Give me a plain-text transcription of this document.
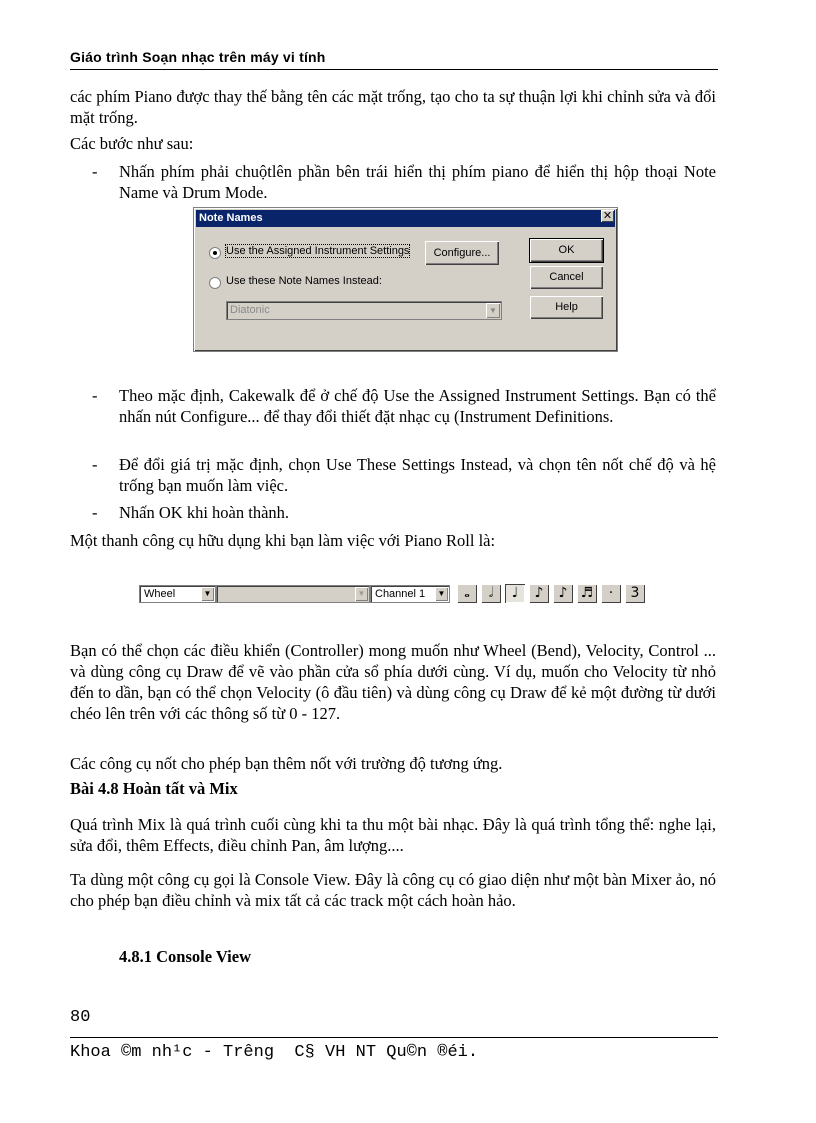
Giáo trình Soạn nhạc trên máy vi tính
các phím Piano được thay thế bằng tên các mặt trống, tạo cho ta sự thuận lợi khi chỉnh sửa và đổi mặt trống.
Các bước như sau:
- Nhấn phím phải chuộtlên phần bên trái hiển thị phím piano để hiển thị hộp thoại Note Name và Drum Mode.
Note Names	✕
Use the Assigned Instrument Settings	Configure...
Use these Note Names Instead:
Diatonic	▼
OK
Cancel
Help
- Theo mặc định, Cakewalk để ở chế độ Use the Assigned Instrument Settings. Bạn có thể nhấn nút Configure... để thay đổi thiết đặt nhạc cụ (Instrument Definitions.
- Để đổi giá trị mặc định, chọn Use These Settings Instead, và chọn tên nốt chế độ và hệ trống bạn muốn làm việc.
- Nhấn OK khi hoàn thành.
Một thanh công cụ hữu dụng khi bạn làm việc với Piano Roll là:
Wheel	▼	▼ Channel 1	▼	𝅝	𝅗𝅥	♩	♪	♪ ♬	·	3
Bạn có thể chọn các điều khiển (Controller) mong muốn như Wheel (Bend), Velocity, Control ... và dùng công cụ Draw để vẽ vào phần cửa sổ phía dưới cùng. Ví dụ, muốn cho Velocity từ nhỏ đến to dần, bạn có thể chọn Velocity (ô đầu tiên) và dùng công cụ Draw để kẻ một đường từ dưới chéo lên trên với các thông số từ 0 - 127.
Các công cụ nốt cho phép bạn thêm nốt với trường độ tương ứng.
Bài 4.8 Hoàn tất và Mix
Quá trình Mix là quá trình cuối cùng khi ta thu một bài nhạc. Đây là quá trình tổng thể: nghe lại, sửa đổi, thêm Effects, điều chỉnh Pan, âm lượng....
Ta dùng một công cụ gọi là Console View. Đây là công cụ có giao diện như một bàn Mixer ảo, nó cho phép bạn điều chỉnh và mix tất cả các track một cách hoàn hảo.
4.8.1 Console View
80
Khoa ©m nh¹c - Trêng  C§ VH NT Qu©n ®éi.
